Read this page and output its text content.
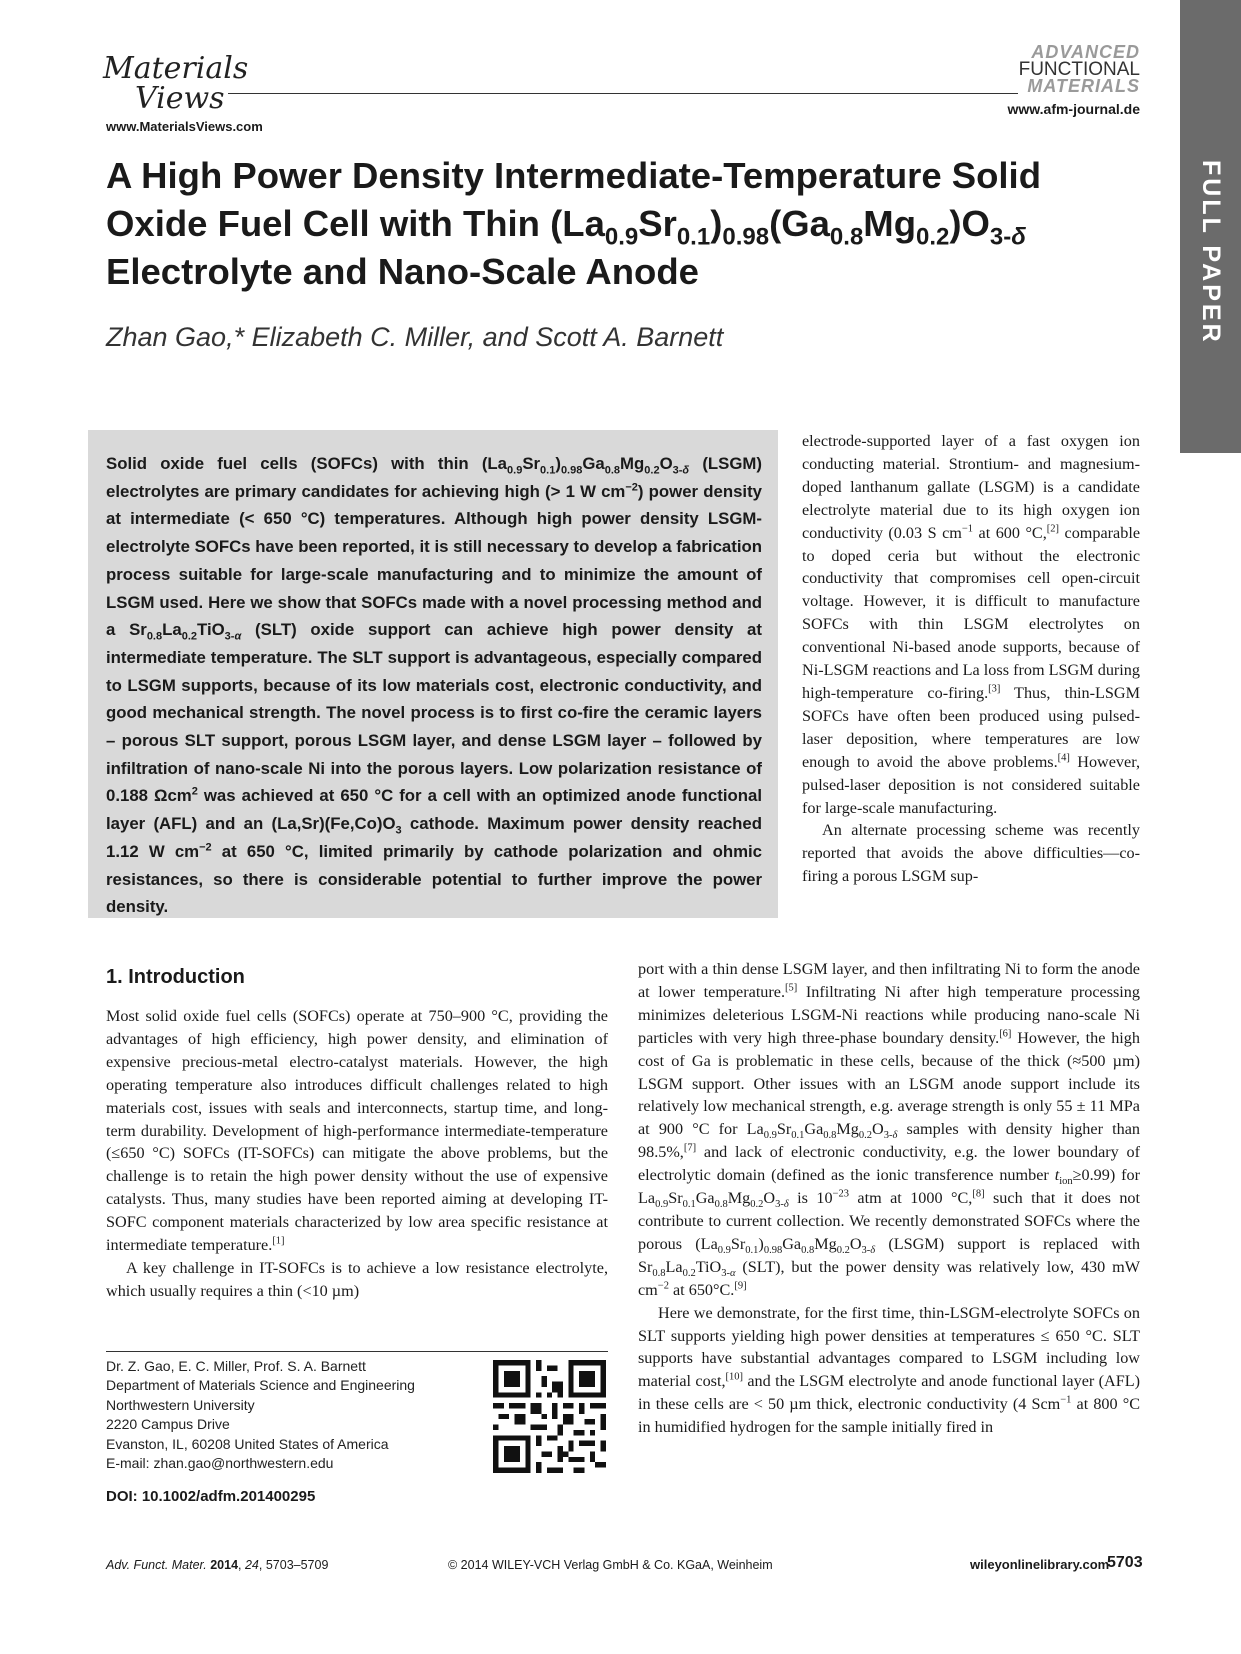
Materials
Views
www.MaterialsViews.com
ADVANCED
FUNCTIONAL
MATERIALS
www.afm-journal.de
FULL PAPER
A High Power Density Intermediate-Temperature Solid
Oxide Fuel Cell with Thin $(La_{0.9}Sr_{0.1})_{0.98}(Ga_{0.8}Mg_{0.2})O_{3-\delta}$
Electrolyte and Nano-Scale Anode
Zhan Gao,* Elizabeth C. Miller, and Scott A. Barnett
Solid oxide fuel cells (SOFCs) with thin $(La_{0.9}Sr_{0.1})_{0.98}Ga_{0.8}Mg_{0.2}O_{3-\delta}$ (LSGM) electrolytes are primary candidates for achieving high (> 1 W $cm^{-2}$) power density at intermediate (< 650 °C) temperatures. Although high power density LSGM-electrolyte SOFCs have been reported, it is still necessary to develop a fabrication process suitable for large-scale manufacturing and to minimize the amount of LSGM used. Here we show that SOFCs made with a novel processing method and a $Sr_{0.8}La_{0.2}TiO_{3-\alpha}$ (SLT) oxide support can achieve high power density at intermediate temperature. The SLT support is advantageous, especially compared to LSGM supports, because of its low materials cost, electronic conductivity, and good mechanical strength. The novel process is to first co-fire the ceramic layers – porous SLT support, porous LSGM layer, and dense LSGM layer – followed by infiltration of nano-scale Ni into the porous layers. Low polarization resistance of 0.188 Ωcm$^2$ was achieved at 650 °C for a cell with an optimized anode functional layer (AFL) and an $(La,Sr)(Fe,Co)O_3$ cathode. Maximum power density reached 1.12 W $cm^{-2}$ at 650 °C, limited primarily by cathode polarization and ohmic resistances, so there is considerable potential to further improve the power density.

electrode-supported layer of a fast oxygen ion conducting material. Strontium- and magnesium-doped lanthanum gallate (LSGM) is a candidate electrolyte material due to its high oxygen ion conductivity (0.03 S $cm^{-1}$ at 600 °C,[2] comparable to doped ceria but without the electronic conductivity that compromises cell open-circuit voltage. However, it is difficult to manufacture SOFCs with thin LSGM electrolytes on conventional Ni-based anode supports, because of Ni-LSGM reactions and La loss from LSGM during high-temperature co-firing.[3] Thus, thin-LSGM SOFCs have often been produced using pulsed-laser deposition, where temperatures are low enough to avoid the above problems.[4] However, pulsed-laser deposition is not considered suitable for large-scale manufacturing.

An alternate processing scheme was recently reported that avoids the above difficulties—co-firing a porous LSGM sup-

port with a thin dense LSGM layer, and then infiltrating Ni to form the anode at lower temperature.[5] Infiltrating Ni after high temperature processing minimizes deleterious LSGM-Ni reactions while producing nano-scale Ni particles with very high three-phase boundary density.[6] However, the high cost of Ga is problematic in these cells, because of the thick (≈500 µm) LSGM support. Other issues with an LSGM anode support include its relatively low mechanical strength, e.g. average strength is only 55 ± 11 MPa at 900 °C for $La_{0.9}Sr_{0.1}Ga_{0.8}Mg_{0.2}O_{3-\delta}$ samples with density higher than 98.5%,[7] and lack of electronic conductivity, e.g. the lower boundary of electrolytic domain (defined as the ionic transference number $t_{ion}\ge 0.99$) for $La_{0.9}Sr_{0.1}Ga_{0.8}Mg_{0.2}O_{3-\delta}$ is $10^{-23}$ atm at 1000 °C,[8] such that it does not contribute to current collection. We recently demonstrated SOFCs where the porous $(La_{0.9}Sr_{0.1})_{0.98}Ga_{0.8}Mg_{0.2}O_{3-\delta}$ (LSGM) support is replaced with $Sr_{0.8}La_{0.2}TiO_{3-\alpha}$ (SLT), but the power density was relatively low, 430 mW $cm^{-2}$ at 650°C.[9]

Here we demonstrate, for the first time, thin-LSGM-electrolyte SOFCs on SLT supports yielding high power densities at temperatures ≤ 650 °C. SLT supports have substantial advantages compared to LSGM including low material cost,[10] and the LSGM electrolyte and anode functional layer (AFL) in these cells are < 50 µm thick, electronic conductivity (4 Scm$^{-1}$ at 800 °C in humidified hydrogen for the sample initially fired in

1. Introduction

Most solid oxide fuel cells (SOFCs) operate at 750–900 °C, providing the advantages of high efficiency, high power density, and elimination of expensive precious-metal electro-catalyst materials. However, the high operating temperature also introduces difficult challenges related to high materials cost, issues with seals and interconnects, startup time, and long-term durability. Development of high-performance intermediate-temperature (≤650 °C) SOFCs (IT-SOFCs) can mitigate the above problems, but the challenge is to retain the high power density without the use of expensive catalysts. Thus, many studies have been reported aiming at developing IT-SOFC component materials characterized by low area specific resistance at intermediate temperature.[1]

A key challenge in IT-SOFCs is to achieve a low resistance electrolyte, which usually requires a thin (<10 µm)

Dr. Z. Gao, E. C. Miller, Prof. S. A. Barnett
Department of Materials Science and Engineering
Northwestern University
2220 Campus Drive
Evanston, IL, 60208 United States of America
E-mail: zhan.gao@northwestern.edu
DOI: 10.1002/adfm.201400295
Adv. Funct. Mater. 2014, 24, 5703–5709	© 2014 WILEY-VCH Verlag GmbH & Co. KGaA, Weinheim	wileyonlinelibrary.com
5703
